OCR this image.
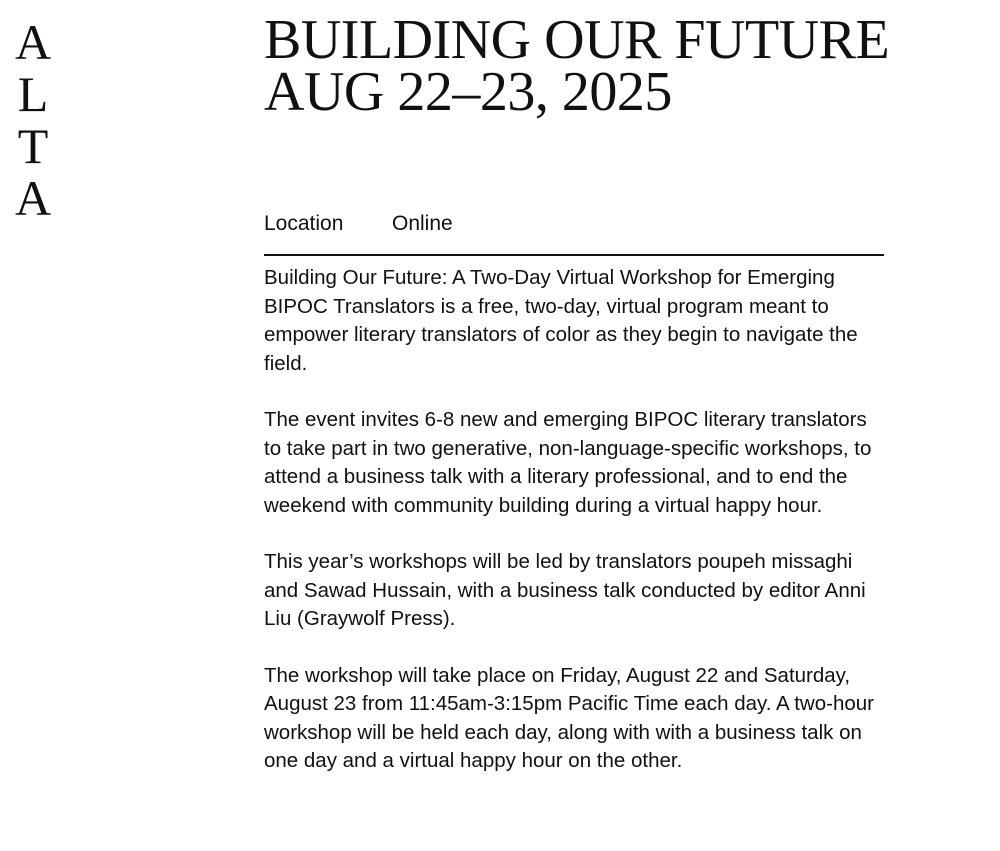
A
L
T
A
BUILDING OUR FUTURE
AUG 22–23, 2025
Location Online

Building Our Future: A Two-Day Virtual Workshop for Emerging BIPOC Translators is a free, two-day, virtual program meant to empower literary translators of color as they begin to navigate the field.

The event invites 6-8 new and emerging BIPOC literary translators to take part in two generative, non-language-specific workshops, to attend a business talk with a literary professional, and to end the weekend with community building during a virtual happy hour.

This year’s workshops will be led by translators poupeh missaghi and Sawad Hussain, with a business talk conducted by editor Anni Liu (Graywolf Press).

The workshop will take place on Friday, August 22 and Saturday, August 23 from 11:45am-3:15pm Pacific Time each day. A two-hour workshop will be held each day, along with with a business talk on one day and a virtual happy hour on the other.
